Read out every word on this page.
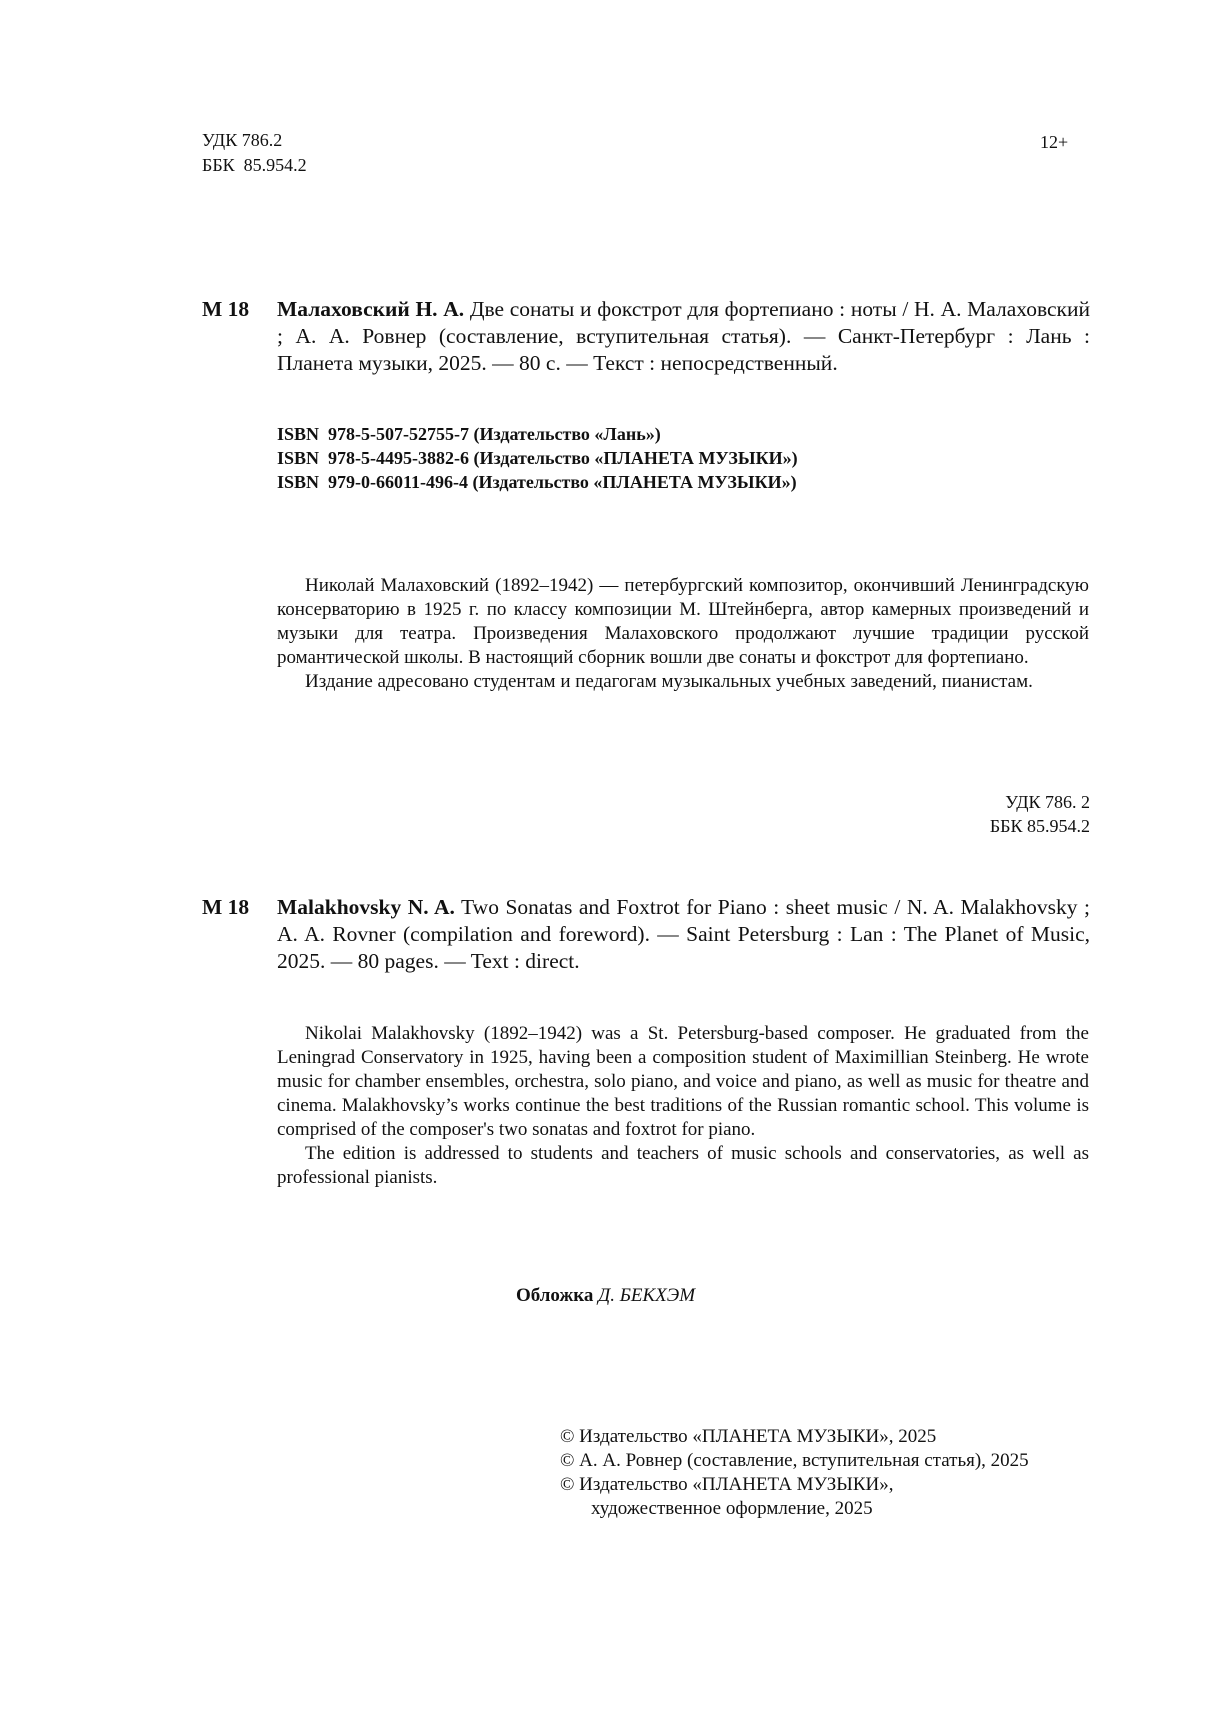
УДК 786.2
ББК  85.954.2
12+
М 18 Малаховский Н. А. Две сонаты и фокстрот для фортепиано : ноты / Н. А. Малаховский ; А. А. Ровнер (составление, вступительная статья). — Санкт-Петербург : Лань : Планета музыки, 2025. — 80 с. — Текст : непосредственный.
ISBN  978-5-507-52755-7 (Издательство «Лань»)
ISBN  978-5-4495-3882-6 (Издательство «ПЛАНЕТА МУЗЫКИ»)
ISBN  979-0-66011-496-4 (Издательство «ПЛАНЕТА МУЗЫКИ»)

Николай Малаховский (1892–1942) — петербургский композитор, окончивший Ленинградскую консерваторию в 1925 г. по классу композиции М. Штейнберга, автор камерных произведений и музыки для театра. Произведения Малаховского продолжают лучшие традиции русской романтической школы. В настоящий сборник вошли две сонаты и фокстрот для фортепиано.

Издание адресовано студентам и педагогам музыкальных учебных заведений, пианистам.

УДК 786. 2
ББК 85.954.2
М 18 Malakhovsky N. A. Two Sonatas and Foxtrot for Piano : sheet music / N. A. Malakhovsky ; A. A. Rovner (compilation and foreword). — Saint Petersburg : Lan : The Planet of Music, 2025. — 80 pages. — Text : direct.

Nikolai Malakhovsky (1892–1942) was a St. Petersburg-based composer. He graduated from the Leningrad Conservatory in 1925, having been a composition student of Maximillian Steinberg. He wrote music for chamber ensembles, orchestra, solo piano, and voice and piano, as well as music for theatre and cinema. Malakhovsky’s works continue the best traditions of the Russian romantic school. This volume is comprised of the composer's two sonatas and foxtrot for piano.

The edition is addressed to students and teachers of music schools and conservatories, as well as professional pianists.

Обложка Д. БЕКХЭМ
© Издательство «ПЛАНЕТА МУЗЫКИ», 2025
© А. А. Ровнер (составление, вступительная статья), 2025
© Издательство «ПЛАНЕТА МУЗЫКИ»,
художественное оформление, 2025
